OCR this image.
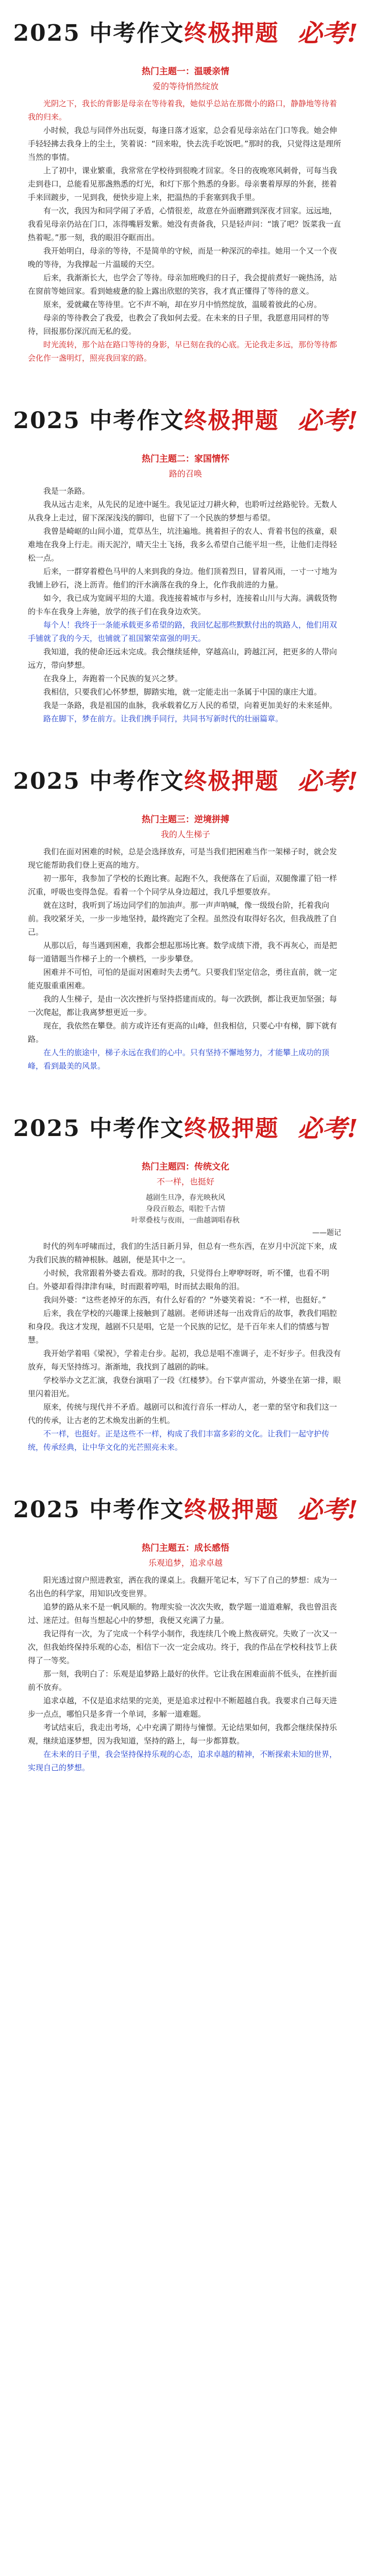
2025 中考作文终极押题 必考!
热门主题一：温暖亲情
爱的等待悄然绽放

光阴之下，我长的背影是母亲在等待着我，她似乎总站在那微小的路口，静静地等待着我的归来。

小时候，我总与同伴外出玩耍，每逢日落才返家，总会看见母亲站在门口等我。她会伸手轻轻拂去我身上的尘土，笑着说：“回来啦，快去洗手吃饭吧。”那时的我，只觉得这是理所当然的事情。

上了初中，课业繁重，我常常在学校待到很晚才回家。冬日的夜晚寒风刺骨，可每当我走到巷口，总能看见那盏熟悉的灯光，和灯下那个熟悉的身影。母亲裹着厚厚的外套，搓着手来回踱步，一见到我，便快步迎上来，把温热的手套塞到我手里。

有一次，我因为和同学闹了矛盾，心情很差，故意在外面磨蹭到深夜才回家。远远地，我看见母亲仍站在门口，冻得嘴唇发紫。她没有责备我，只是轻声问：“饿了吧？饭菜我一直热着呢。”那一刻，我的眼泪夺眶而出。

我开始明白，母亲的等待，不是简单的守候，而是一种深沉的牵挂。她用一个又一个夜晚的等待，为我撑起一片温暖的天空。

后来，我渐渐长大，也学会了等待。母亲加班晚归的日子，我会提前煮好一碗热汤，站在窗前等她回家。看到她疲惫的脸上露出欣慰的笑容，我才真正懂得了等待的意义。

原来，爱就藏在等待里。它不声不响，却在岁月中悄然绽放，温暖着彼此的心房。

母亲的等待教会了我爱，也教会了我如何去爱。在未来的日子里，我愿意用同样的等待，回报那份深沉而无私的爱。

时光流转，那个站在路口等待的身影，早已刻在我的心底。无论我走多远，那份等待都会化作一盏明灯，照亮我回家的路。

2025 中考作文终极押题 必考!
热门主题二：家国情怀
路的召唤

我是一条路。

我从远古走来，从先民的足迹中诞生。我见证过刀耕火种，也聆听过丝路驼铃。无数人从我身上走过，留下深深浅浅的脚印，也留下了一个民族的梦想与希望。

我曾是崎岖的山间小道，荒草丛生，坑洼遍地。挑着担子的农人、背着书包的孩童，艰难地在我身上行走。雨天泥泞，晴天尘土飞扬，我多么希望自己能平坦一些，让他们走得轻松一点。

后来，一群穿着橙色马甲的人来到我的身边。他们顶着烈日，冒着风雨，一寸一寸地为我铺上砂石，浇上沥青。他们的汗水滴落在我的身上，化作我前进的力量。

如今，我已成为宽阔平坦的大道。我连接着城市与乡村，连接着山川与大海。满载货物的卡车在我身上奔驰，放学的孩子们在我身边欢笑。

每个人！我终于一条能承载更多希望的路，我回忆起那些默默付出的筑路人，他们用双手铺就了我的今天，也铺就了祖国繁荣富强的明天。

我知道，我的使命还远未完成。我会继续延伸，穿越高山，跨越江河，把更多的人带向远方，带向梦想。

在我身上，奔跑着一个民族的复兴之梦。

我相信，只要我们心怀梦想，脚踏实地，就一定能走出一条属于中国的康庄大道。

我是一条路，我是祖国的血脉，我承载着亿万人民的希望，向着更加美好的未来延伸。

路在脚下，梦在前方。让我们携手同行，共同书写新时代的壮丽篇章。

2025 中考作文终极押题 必考!
热门主题三：逆境拼搏
我的人生梯子

我们在面对困难的时候，总是会选择放弃，可是当我们把困难当作一架梯子时，就会发现它能帮助我们登上更高的地方。

初一那年，我参加了学校的长跑比赛。起跑不久，我便落在了后面，双腿像灌了铅一样沉重，呼吸也变得急促。看着一个个同学从身边超过，我几乎想要放弃。

就在这时，我听到了场边同学们的加油声。那一声声呐喊，像一级级台阶，托着我向前。我咬紧牙关，一步一步地坚持，最终跑完了全程。虽然没有取得好名次，但我战胜了自己。

从那以后，每当遇到困难，我都会想起那场比赛。数学成绩下滑，我不再灰心，而是把每一道错题当作梯子上的一个横档，一步步攀登。

困难并不可怕，可怕的是面对困难时失去勇气。只要我们坚定信念，勇往直前，就一定能克服重重困难。

我的人生梯子，是由一次次挫折与坚持搭建而成的。每一次跌倒，都让我更加坚强；每一次爬起，都让我离梦想更近一步。

现在，我依然在攀登。前方或许还有更高的山峰，但我相信，只要心中有梯，脚下就有路。

在人生的旅途中，梯子永远在我们的心中。只有坚持不懈地努力，才能攀上成功的顶峰，看到最美的风景。

2025 中考作文终极押题 必考!
热门主题四：传统文化
不一样，也挺好
越剧生旦净，春光映秋风
身段百般态，唱腔千古情
叶翠叠枝与夜雨，一曲越调唱春秋
——题记

时代的列车呼啸而过，我们的生活日新月异，但总有一些东西，在岁月中沉淀下来，成为我们民族的精神根脉。越剧，便是其中之一。

小时候，我常跟着外婆去看戏。那时的我，只觉得台上咿咿呀呀，听不懂，也看不明白。外婆却看得津津有味，时而跟着哼唱，时而拭去眼角的泪。

我问外婆：“这些老掉牙的东西，有什么好看的？”外婆笑着说：“不一样，也挺好。”

后来，我在学校的兴趣课上接触到了越剧。老师讲述每一出戏背后的故事，教我们唱腔和身段。我这才发现，越剧不只是唱，它是一个民族的记忆，是千百年来人们的情感与智慧。

我开始学着唱《梁祝》，学着走台步。起初，我总是唱不准调子，走不好步子。但我没有放弃，每天坚持练习。渐渐地，我找到了越剧的韵味。

学校举办文艺汇演，我登台演唱了一段《红楼梦》。台下掌声雷动，外婆坐在第一排，眼里闪着泪光。

原来，传统与现代并不矛盾。越剧可以和流行音乐一样动人，老一辈的坚守和我们这一代的传承，让古老的艺术焕发出新的生机。

不一样，也挺好。正是这些不一样，构成了我们丰富多彩的文化。让我们一起守护传统，传承经典，让中华文化的光芒照亮未来。

2025 中考作文终极押题 必考!
热门主题五：成长感悟
乐观追梦，追求卓越

阳光透过窗户照进教室，洒在我的课桌上。我翻开笔记本，写下了自己的梦想：成为一名出色的科学家，用知识改变世界。

追梦的路从来不是一帆风顺的。物理实验一次次失败，数学题一道道难解，我也曾沮丧过、迷茫过。但每当想起心中的梦想，我便又充满了力量。

我记得有一次，为了完成一个科学小制作，我连续几个晚上熬夜研究。失败了一次又一次，但我始终保持乐观的心态，相信下一次一定会成功。终于，我的作品在学校科技节上获得了一等奖。

那一刻，我明白了：乐观是追梦路上最好的伙伴。它让我在困难面前不低头，在挫折面前不放弃。

追求卓越，不仅是追求结果的完美，更是追求过程中不断超越自我。我要求自己每天进步一点点，哪怕只是多背一个单词，多解一道难题。

考试结束后，我走出考场，心中充满了期待与憧憬。无论结果如何，我都会继续保持乐观，继续追逐梦想，因为我知道，坚持的路上，每一步都算数。

在未来的日子里，我会坚持保持乐观的心态，追求卓越的精神，不断探索未知的世界，实现自己的梦想。
